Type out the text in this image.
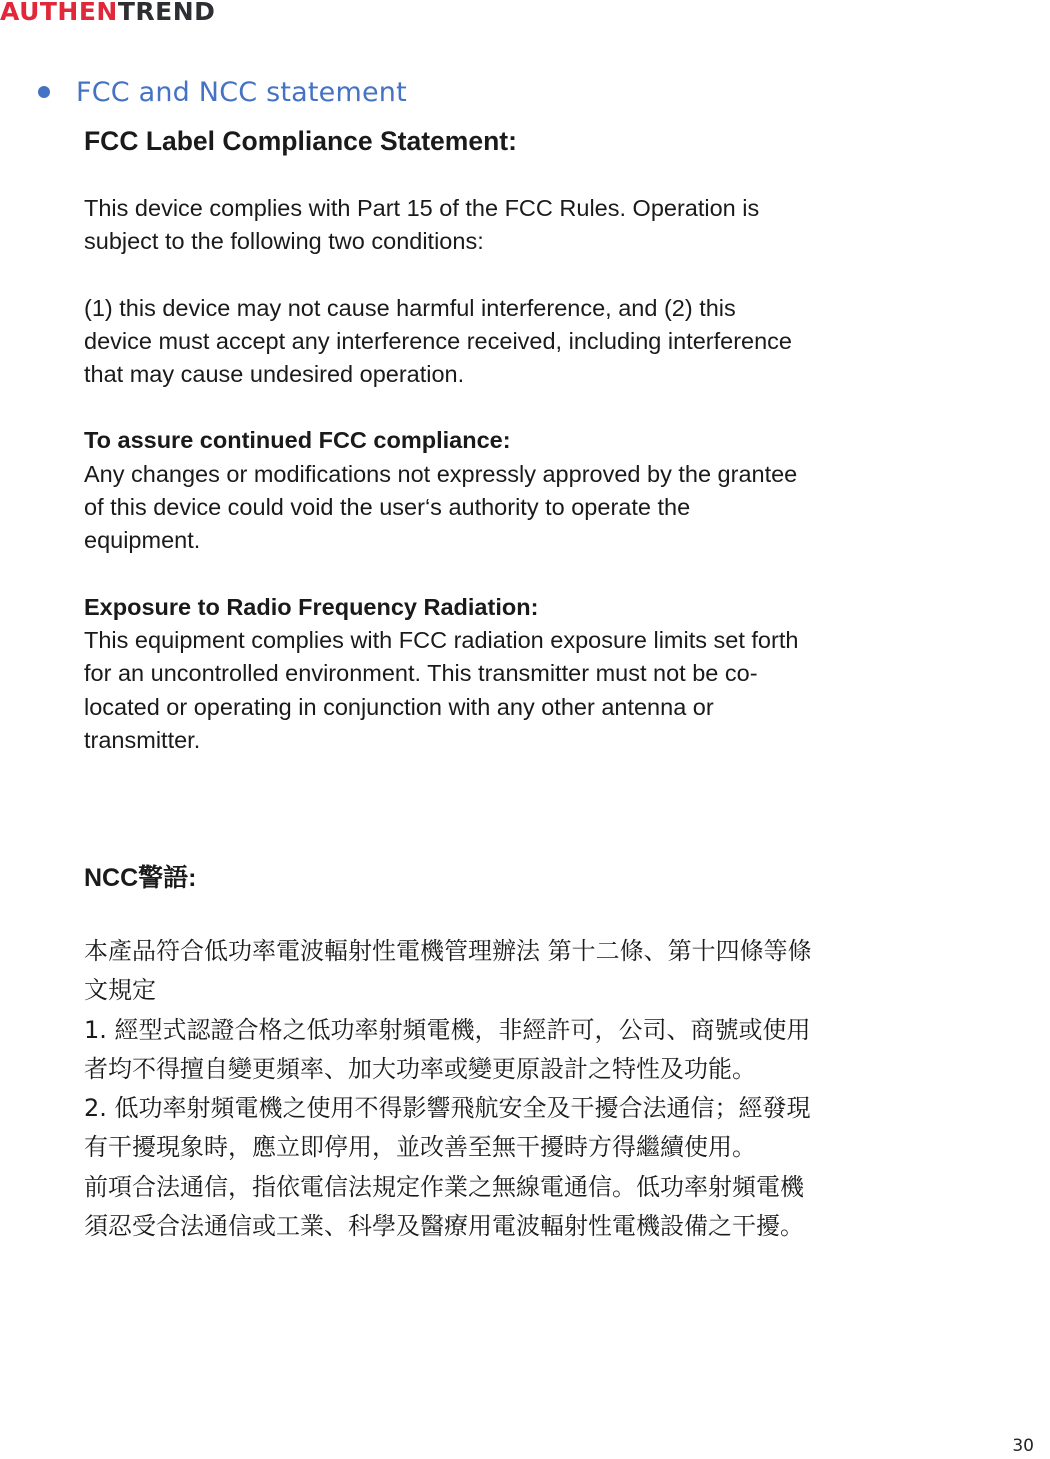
AUTHENTREND
FCC and NCC statement

FCC Label Compliance Statement:

This device complies with Part 15 of the FCC Rules. Operation is

subject to the following two conditions:

(1) this device may not cause harmful interference, and (2) this

device must accept any interference received, including interference

that may cause undesired operation.

To assure continued FCC compliance:

Any changes or modifications not expressly approved by the grantee

of this device could void the user‘s authority to operate the

equipment.

Exposure to Radio Frequency Radiation:

This equipment complies with FCC radiation exposure limits set forth

for an uncontrolled environment. This transmitter must not be co-

located or operating in conjunction with any other antenna or

transmitter.

NCC警語:

本產品符合低功率電波輻射性電機管理辦法 第十二條、第十四條等條

文規定

1. 經型式認證合格之低功率射頻電機，非經許可，公司、商號或使用

者均不得擅自變更頻率、加大功率或變更原設計之特性及功能。

2. 低功率射頻電機之使用不得影響飛航安全及干擾合法通信；經發現

有干擾現象時，應立即停用，並改善至無干擾時方得繼續使用。

前項合法通信，指依電信法規定作業之無線電通信。低功率射頻電機

須忍受合法通信或工業、科學及醫療用電波輻射性電機設備之干擾。

30
